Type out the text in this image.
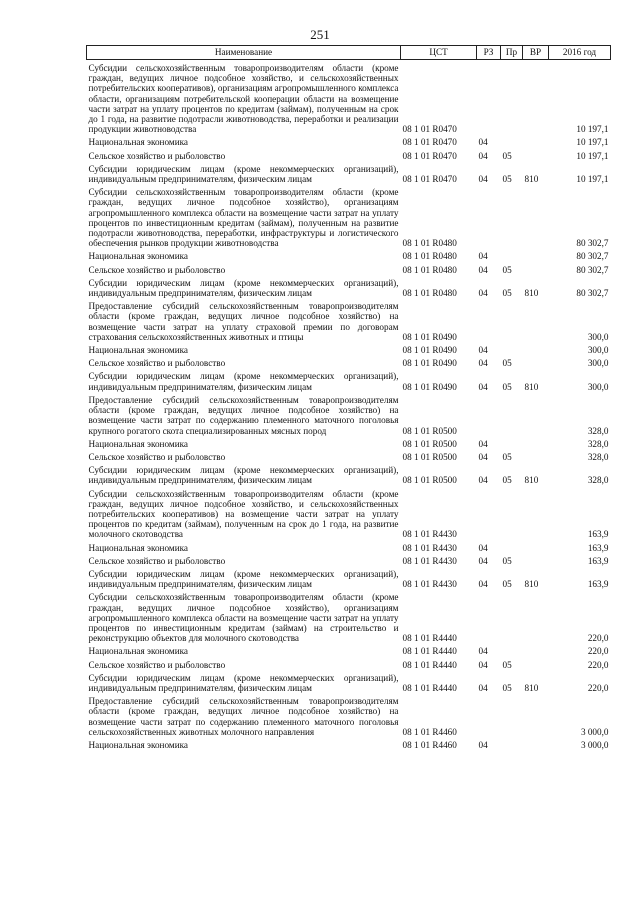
251
Наименование	ЦСТ	РЗ	Пр	ВР	2016 год
Субсидии сельскохозяйственным товаропроизводителям области (кроме граждан, ведущих личное подсобное хозяйство, и сельскохозяйственных потребительских кооперативов), организациям агропромышленного комплекса области, организациям потребительской кооперации области на возмещение части затрат на уплату процентов по кредитам (займам), полученным на срок до 1 года, на развитие подотрасли животноводства, переработки и реализации продукции животноводства	08 1 01 R0470				10 197,1
Национальная экономика	08 1 01 R0470	04			10 197,1
Сельское хозяйство и рыболовство	08 1 01 R0470	04	05		10 197,1
Субсидии юридическим лицам (кроме некоммерческих организаций), индивидуальным предпринимателям, физическим лицам	08 1 01 R0470	04	05	810	10 197,1
Субсидии сельскохозяйственным товаропроизводителям области (кроме граждан, ведущих личное подсобное хозяйство), организациям агропромышленного комплекса области на возмещение части затрат на уплату процентов по инвестиционным кредитам (займам), полученным на развитие подотрасли животноводства, переработки, инфраструктуры и логистического обеспечения рынков продукции животноводства	08 1 01 R0480				80 302,7
Национальная экономика	08 1 01 R0480	04			80 302,7
Сельское хозяйство и рыболовство	08 1 01 R0480	04	05		80 302,7
Субсидии юридическим лицам (кроме некоммерческих организаций), индивидуальным предпринимателям, физическим лицам	08 1 01 R0480	04	05	810	80 302,7
Предоставление субсидий сельскохозяйственным товаропроизводителям области (кроме граждан, ведущих личное подсобное хозяйство) на возмещение части затрат на уплату страховой премии по договорам страхования сельскохозяйственных животных и птицы	08 1 01 R0490				300,0
Национальная экономика	08 1 01 R0490	04			300,0
Сельское хозяйство и рыболовство	08 1 01 R0490	04	05		300,0
Субсидии юридическим лицам (кроме некоммерческих организаций), индивидуальным предпринимателям, физическим лицам	08 1 01 R0490	04	05	810	300,0
Предоставление субсидий сельскохозяйственным товаропроизводителям области (кроме граждан, ведущих личное подсобное хозяйство) на возмещение части затрат по содержанию племенного маточного поголовья крупного рогатого скота специализированных мясных пород	08 1 01 R0500				328,0
Национальная экономика	08 1 01 R0500	04			328,0
Сельское хозяйство и рыболовство	08 1 01 R0500	04	05		328,0
Субсидии юридическим лицам (кроме некоммерческих организаций), индивидуальным предпринимателям, физическим лицам	08 1 01 R0500	04	05	810	328,0
Субсидии сельскохозяйственным товаропроизводителям области (кроме граждан, ведущих личное подсобное хозяйство, и сельскохозяйственных потребительских кооперативов) на возмещение части затрат на уплату процентов по кредитам (займам), полученным на срок до 1 года, на развитие молочного скотоводства	08 1 01 R4430				163,9
Национальная экономика	08 1 01 R4430	04			163,9
Сельское хозяйство и рыболовство	08 1 01 R4430	04	05		163,9
Субсидии юридическим лицам (кроме некоммерческих организаций), индивидуальным предпринимателям, физическим лицам	08 1 01 R4430	04	05	810	163,9
Субсидии сельскохозяйственным товаропроизводителям области (кроме граждан, ведущих личное подсобное хозяйство), организациям агропромышленного комплекса области на возмещение части затрат на уплату процентов по инвестиционным кредитам (займам) на строительство и реконструкцию объектов для молочного скотоводства	08 1 01 R4440				220,0
Национальная экономика	08 1 01 R4440	04			220,0
Сельское хозяйство и рыболовство	08 1 01 R4440	04	05		220,0
Субсидии юридическим лицам (кроме некоммерческих организаций), индивидуальным предпринимателям, физическим лицам	08 1 01 R4440	04	05	810	220,0
Предоставление субсидий сельскохозяйственным товаропроизводителям области (кроме граждан, ведущих личное подсобное хозяйство) на возмещение части затрат по содержанию племенного маточного поголовья сельскохозяйственных животных молочного направления	08 1 01 R4460				3 000,0
Национальная экономика	08 1 01 R4460	04			3 000,0
